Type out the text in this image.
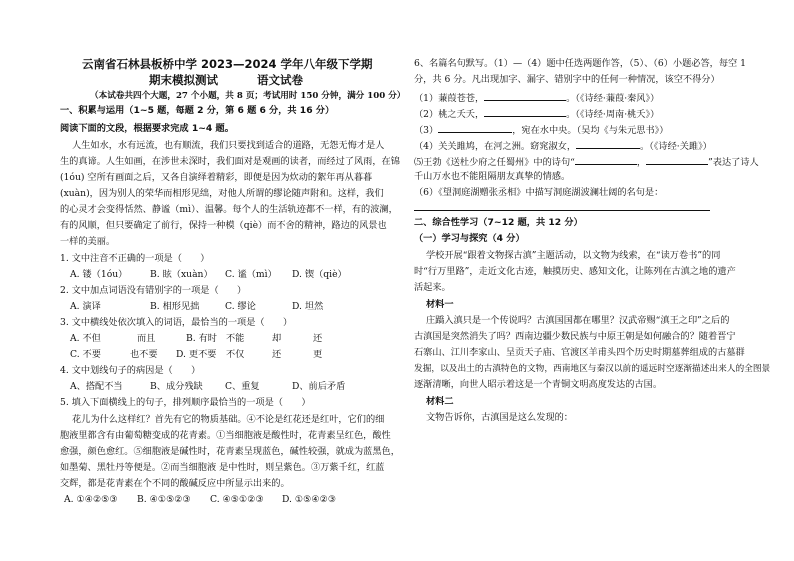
云南省石林县板桥中学 2023—2024 学年八年级下学期
期末模拟测试	语文试卷
（本试卷共四个大题，27 个小题，共 8 页；考试用时 150 分钟，满分 100 分）
一、积累与运用（1~5 题，每题 2 分，第 6 题 6 分，共 16 分）
阅读下面的文段，根据要求完成 1~4 题。
人生如水，水有远流，也有顺流，我们只要找到适合的道路，无怨无悔才是人
生的真谛。人生如画，在涉世未深时，我们面对是观画的读者，而经过了风雨，在锦
(1óu) 空所有画面之后，又各自演绎着精彩，即便是因为炊动的絮年再从暮暮
(xuàn)，因为别人的荣华而相形见绌，对他人所谓的缪论随声附和。这样，我们
的心灵才会变得恬然、静谧（mì）、温馨。每个人的生活轨迹都不一样，有的波澜，
有的风顺，但只要确定了前行，保持一种模（qiè）而不舍的精神，路边的风景也
一样的美丽。
1. 文中注音不正确的一项是（　　）
A. 镂（1óu） B. 眩（xuàn） C. 谧（mì） D. 锲（qiè）
2. 文中加点词语没有错别字的一项是（　　）
A. 演译	B. 相形见拙	C. 缪论	D. 坦然
3. 文中横线处依次填入的词语，最恰当的一项是（　　）
A. 不但	而且	B. 有时 不能	却	还
C. 不要	也不要 D. 更不要 不仅	还	更
4. 文中划线句子的病因是（　　）
A、搭配不当	B、成分残缺 C、重复	D、前后矛盾
5. 填入下面横线上的句子，排列顺序最恰当的一项是（　　）
花儿为什么这样红？首先有它的物质基础。④不论是红花还是红叶，它们的细
胞液里都含有由葡萄糖变成的花青素。①当细胞液是酸性时，花青素呈红色，酸性
愈强，颜色愈红。⑤细胞液是碱性时，花青素呈现蓝色，碱性较强，就成为蓝黑色，
如墨菊、黑牡丹等便是。②而当细胞液 是中性时，则呈紫色。③万紫千红，红蓝
交辉，都是花青素在个不同的酸碱反应中所显示出来的。
A. ①④②⑤③ B. ④①⑤②③ C. ④⑤①②③ D. ①⑤④②③
6、名篇名句默写。（1）—（4）题中任选两题作答，（5）、（6）小题必答，每空 1
分，共 6 分。凡出现加字、漏字、错别字中的任何一种情况，该空不得分）
（1）蒹葭苍苍，	。（《诗经·蒹葭·秦风》）
（2）桃之夭夭，	。（《诗经·周南·桃夭》）
（3）	，宛在水中央。（吴均《与朱元思书》）
（4）关关雎鸠，在河之洲。窈窕淑女，	。（《诗经·关雎》）
⑸王勃《送杜少府之任蜀州》中的诗句“	，	”表达了诗人
千山万水也不能阻隔朋友真挚的情感。
（6）《望洞庭湖赠张丞相》中描写洞庭湖波澜壮阔的名句是：
二、综合性学习（7~12 题，共 12 分）
（一）学习与探究（4 分）
学校开展“跟着文物探古滇”主题活动，以文物为线索，在“读万卷书”的同
时“行万里路”，走近文化古迹，触摸历史、感知文化，让陈列在古滇之地的遗产
活起来。
材料一
庄蹻入滇只是一个传说吗？古滇国国都在哪里？汉武帝赐“滇王之印”之后的
古滇国是突然消失了吗？西南边疆少数民族与中原王朝是如何融合的？随着晋宁
石寨山、江川李家山、呈贡天子庙、官渡区羊甫头四个历史时期墓葬组成的古墓群
发掘，以及出土的古滇特色的文物，西南地区与秦汉以前的遥远时空逐渐描述出来人的全图景
逐渐清晰，向世人昭示着这是一个青铜文明高度发达的古国。
材料二
文物告诉你，古滇国是这么发现的：
